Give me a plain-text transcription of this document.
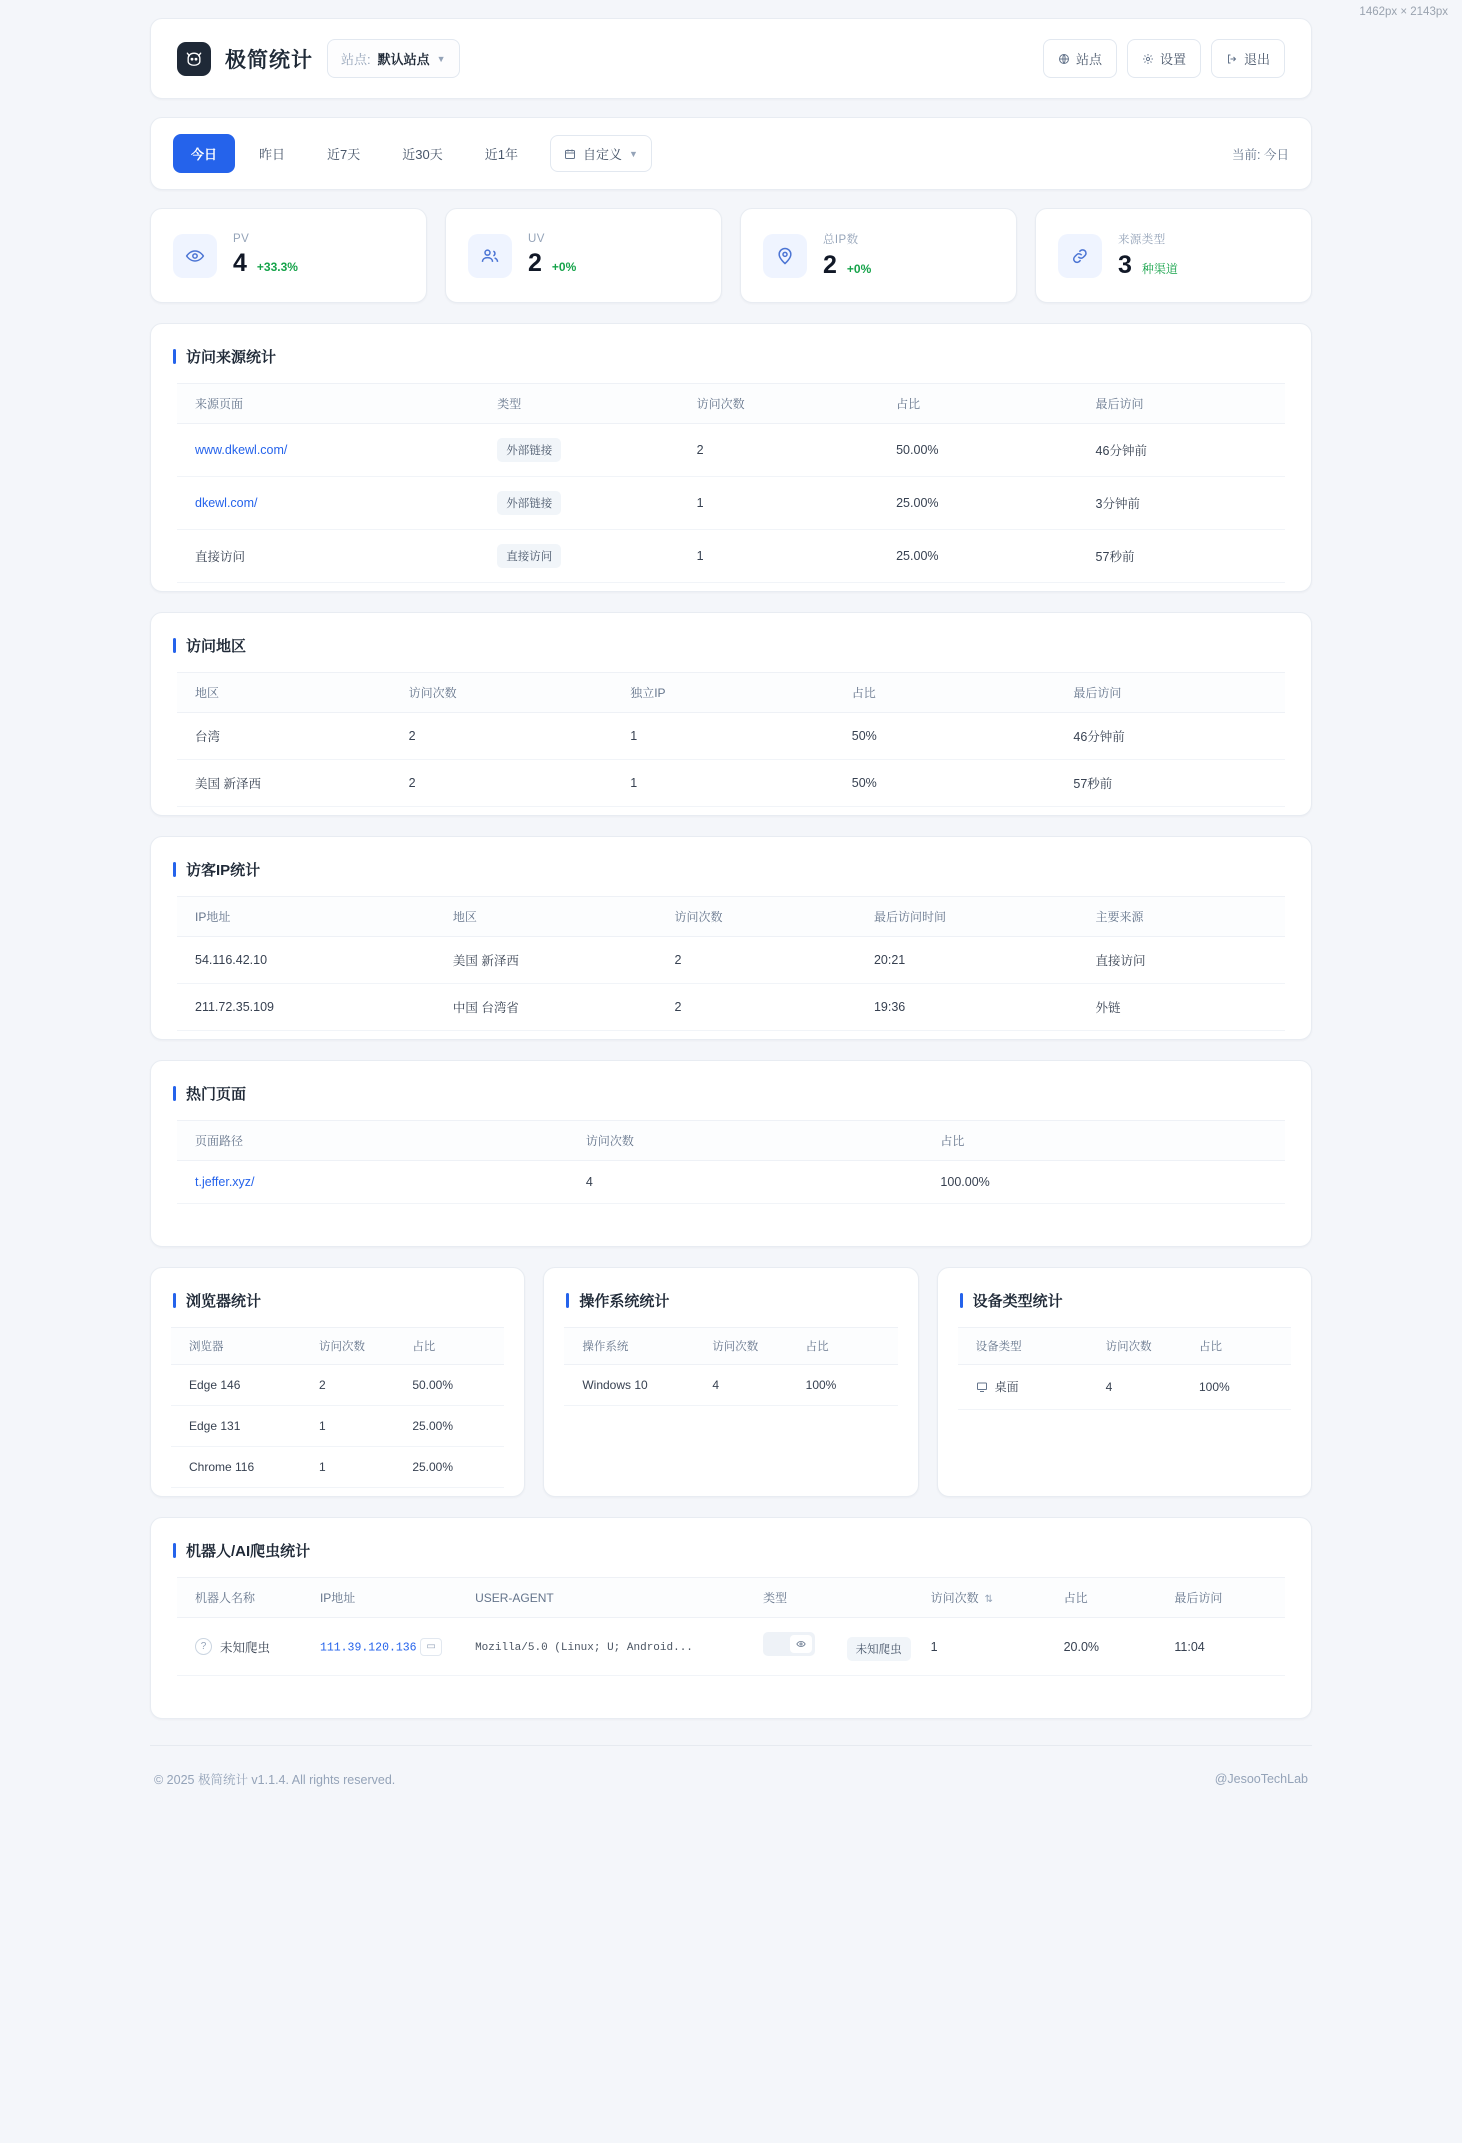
1462px × 2143px
极简统计 站点: 默认站点 ▼	站点	设置	退出
今日	昨日	近7天	近30天	近1年	自定义 ▼	当前: 今日
PV
4 +33.3%
UV
2 +0%
总IP数
2 +0%
来源类型
3 种渠道
访问来源统计
来源页面	类型	访问次数	占比	最后访问
www.dkewl.com/	外部链接	2	50.00%	46分钟前
dkewl.com/	外部链接	1	25.00%	3分钟前
直接访问	直接访问	1	25.00%	57秒前
访问地区
地区	访问次数	独立IP	占比	最后访问
台湾	2	1	50%	46分钟前
美国 新泽西	2	1	50%	57秒前
访客IP统计
IP地址	地区	访问次数	最后访问时间	主要来源
54.116.42.10	美国 新泽西	2	20:21	直接访问
211.72.35.109	中国 台湾省	2	19:36	外链
热门页面
页面路径	访问次数	占比
t.jeffer.xyz/	4	100.00%
浏览器统计
浏览器	访问次数	占比
Edge 146	2	50.00%
Edge 131	1	25.00%
Chrome 116	1	25.00%
操作系统统计
操作系统	访问次数	占比
Windows 10	4	100%
设备类型统计
设备类型	访问次数	占比

桌面	4	100%
机器人/AI爬虫统计
机器人名称	IP地址	USER-AGENT	类型	访问次数 ⇅	占比	最后访问

? 未知爬虫	111.39.120.136 ▭	Mozilla/5.0 (Linux; U; Android...	未知爬虫	1	20.0%	11:04
© 2025 极简统计 v1.1.4. All rights reserved.	@JesooTechLab
